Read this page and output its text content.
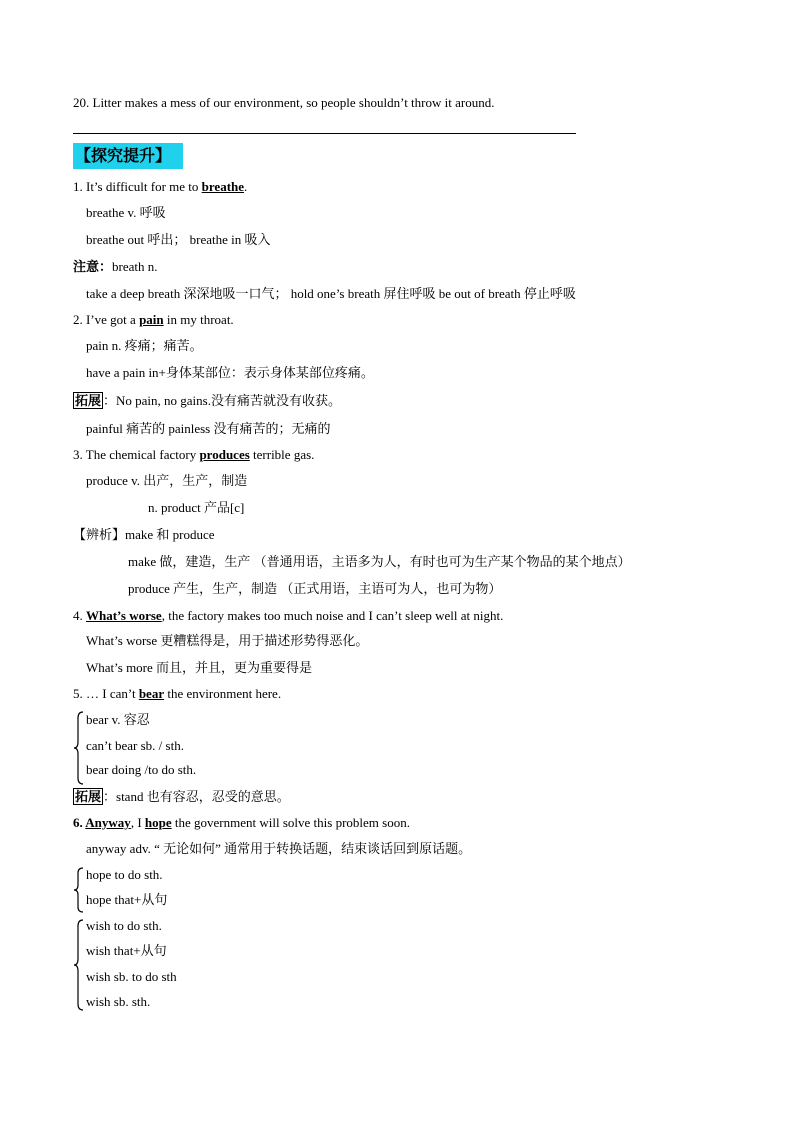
20. Litter makes a mess of our environment, so people shouldn’t throw it around.
【探究提升】
1. It’s difficult for me to breathe.
breathe v. 呼吸
breathe out 呼出； breathe in 吸入
注意：breath n.
take a deep breath 深深地吸一口气； hold one’s breath 屏住呼吸 be out of breath 停止呼吸
2. I’ve got a pain in my throat.
pain n. 疼痛；痛苦。
have a pain in+身体某部位：表示身体某部位疼痛。
拓展 ：No pain, no gains.没有痛苦就没有收获。
painful 痛苦的 painless 没有痛苦的；无痛的
3. The chemical factory produces terrible gas.
produce v. 出产，生产，制造
n. product 产品[c]
【辨析】make 和 produce
make 做，建造，生产 （普通用语，主语多为人，有时也可为生产某个物品的某个地点）
produce 产生，生产，制造 （正式用语，主语可为人，也可为物）
4. What’s worse, the factory makes too much noise and I can’t sleep well at night.
What’s worse 更糟糕得是，用于描述形势得恶化。
What’s more 而且，并且，更为重要得是
5. … I can’t bear the environment here.
bear v. 容忍
can’t bear sb. / sth.
bear doing /to do sth.
拓展 ：stand 也有容忍，忍受的意思。
6. Anyway, I hope the government will solve this problem soon.
anyway adv. “ 无论如何” 通常用于转换话题，结束谈话回到原话题。
hope to do sth.
hope that+从句
wish to do sth.
wish that+从句
wish sb. to do sth
wish sb. sth.
